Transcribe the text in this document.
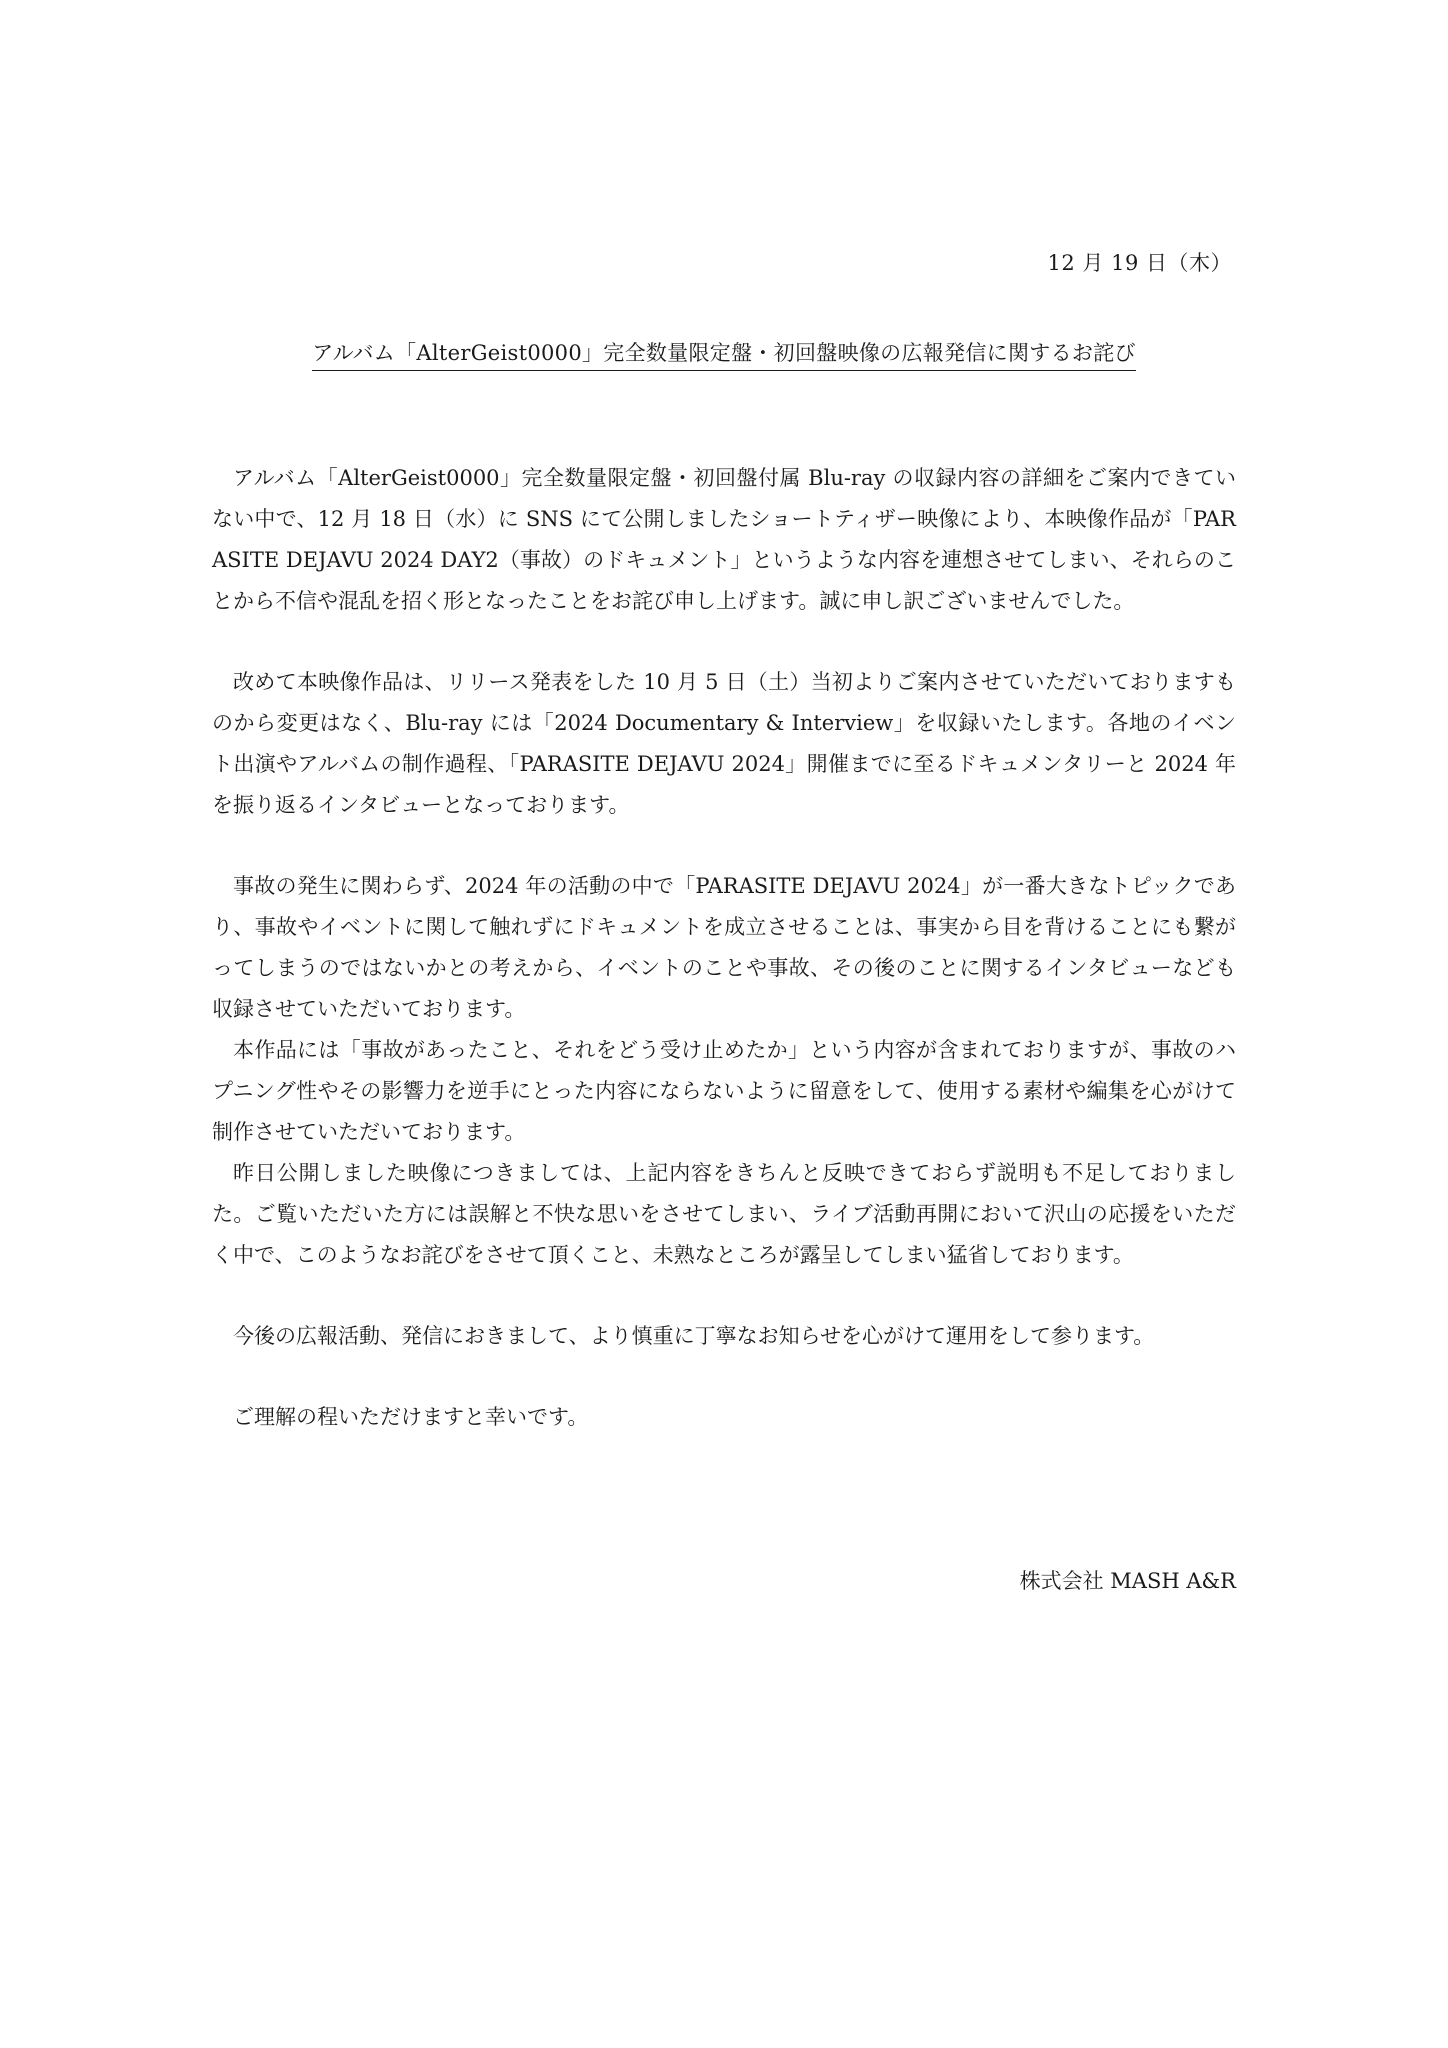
12 月 19 日（木）
アルバム「AlterGeist0000」完全数量限定盤・初回盤映像の広報発信に関するお詫び

アルバム「AlterGeist0000」完全数量限定盤・初回盤付属 Blu-ray の収録内容の詳細をご案内できていない中で、12 月 18 日（水）に SNS にて公開しましたショートティザー映像により、本映像作品が「PARASITE DEJAVU 2024 DAY2（事故）のドキュメント」というような内容を連想させてしまい、それらのことから不信や混乱を招く形となったことをお詫び申し上げます。誠に申し訳ございませんでした。

改めて本映像作品は、リリース発表をした 10 月 5 日（土）当初よりご案内させていただいておりますものから変更はなく、Blu-ray には「2024 Documentary & Interview」を収録いたします。各地のイベント出演やアルバムの制作過程、「PARASITE DEJAVU 2024」開催までに至るドキュメンタリーと 2024 年を振り返るインタビューとなっております。

事故の発生に関わらず、2024 年の活動の中で「PARASITE DEJAVU 2024」が一番大きなトピックであり、事故やイベントに関して触れずにドキュメントを成立させることは、事実から目を背けることにも繋がってしまうのではないかとの考えから、イベントのことや事故、その後のことに関するインタビューなども収録させていただいております。

本作品には「事故があったこと、それをどう受け止めたか」という内容が含まれておりますが、事故のハプニング性やその影響力を逆手にとった内容にならないように留意をして、使用する素材や編集を心がけて制作させていただいております。

昨日公開しました映像につきましては、上記内容をきちんと反映できておらず説明も不足しておりました。ご覧いただいた方には誤解と不快な思いをさせてしまい、ライブ活動再開において沢山の応援をいただく中で、このようなお詫びをさせて頂くこと、未熟なところが露呈してしまい猛省しております。

今後の広報活動、発信におきまして、より慎重に丁寧なお知らせを心がけて運用をして参ります。

ご理解の程いただけますと幸いです。

株式会社 MASH A&R
